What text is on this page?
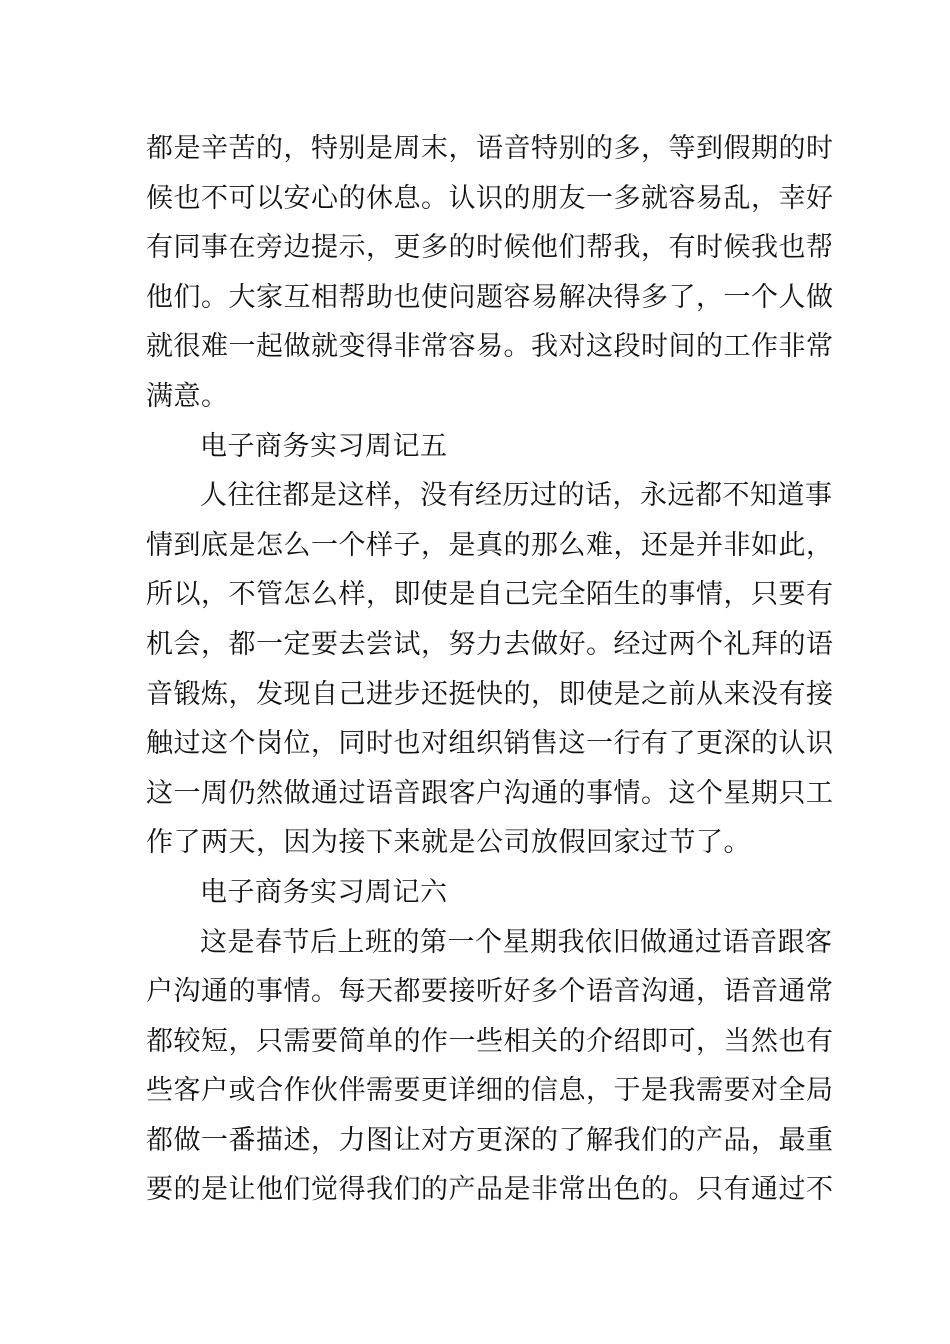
都是辛苦的，特别是周末，语音特别的多，等到假期的时
候也不可以安心的休息。认识的朋友一多就容易乱，幸好
有同事在旁边提示，更多的时候他们帮我，有时候我也帮
他们。大家互相帮助也使问题容易解决得多了，一个人做
就很难一起做就变得非常容易。我对这段时间的工作非常
满意。
电子商务实习周记五
人往往都是这样，没有经历过的话，永远都不知道事
情到底是怎么一个样子，是真的那么难，还是并非如此，
所以，不管怎么样，即使是自己完全陌生的事情，只要有
机会，都一定要去尝试，努力去做好。经过两个礼拜的语
音锻炼，发现自己进步还挺快的，即使是之前从来没有接
触过这个岗位，同时也对组织销售这一行有了更深的认识
这一周仍然做通过语音跟客户沟通的事情。这个星期只工
作了两天，因为接下来就是公司放假回家过节了。
电子商务实习周记六
这是春节后上班的第一个星期我依旧做通过语音跟客
户沟通的事情。每天都要接听好多个语音沟通，语音通常
都较短，只需要简单的作一些相关的介绍即可，当然也有
些客户或合作伙伴需要更详细的信息，于是我需要对全局
都做一番描述，力图让对方更深的了解我们的产品，最重
要的是让他们觉得我们的产品是非常出色的。只有通过不
